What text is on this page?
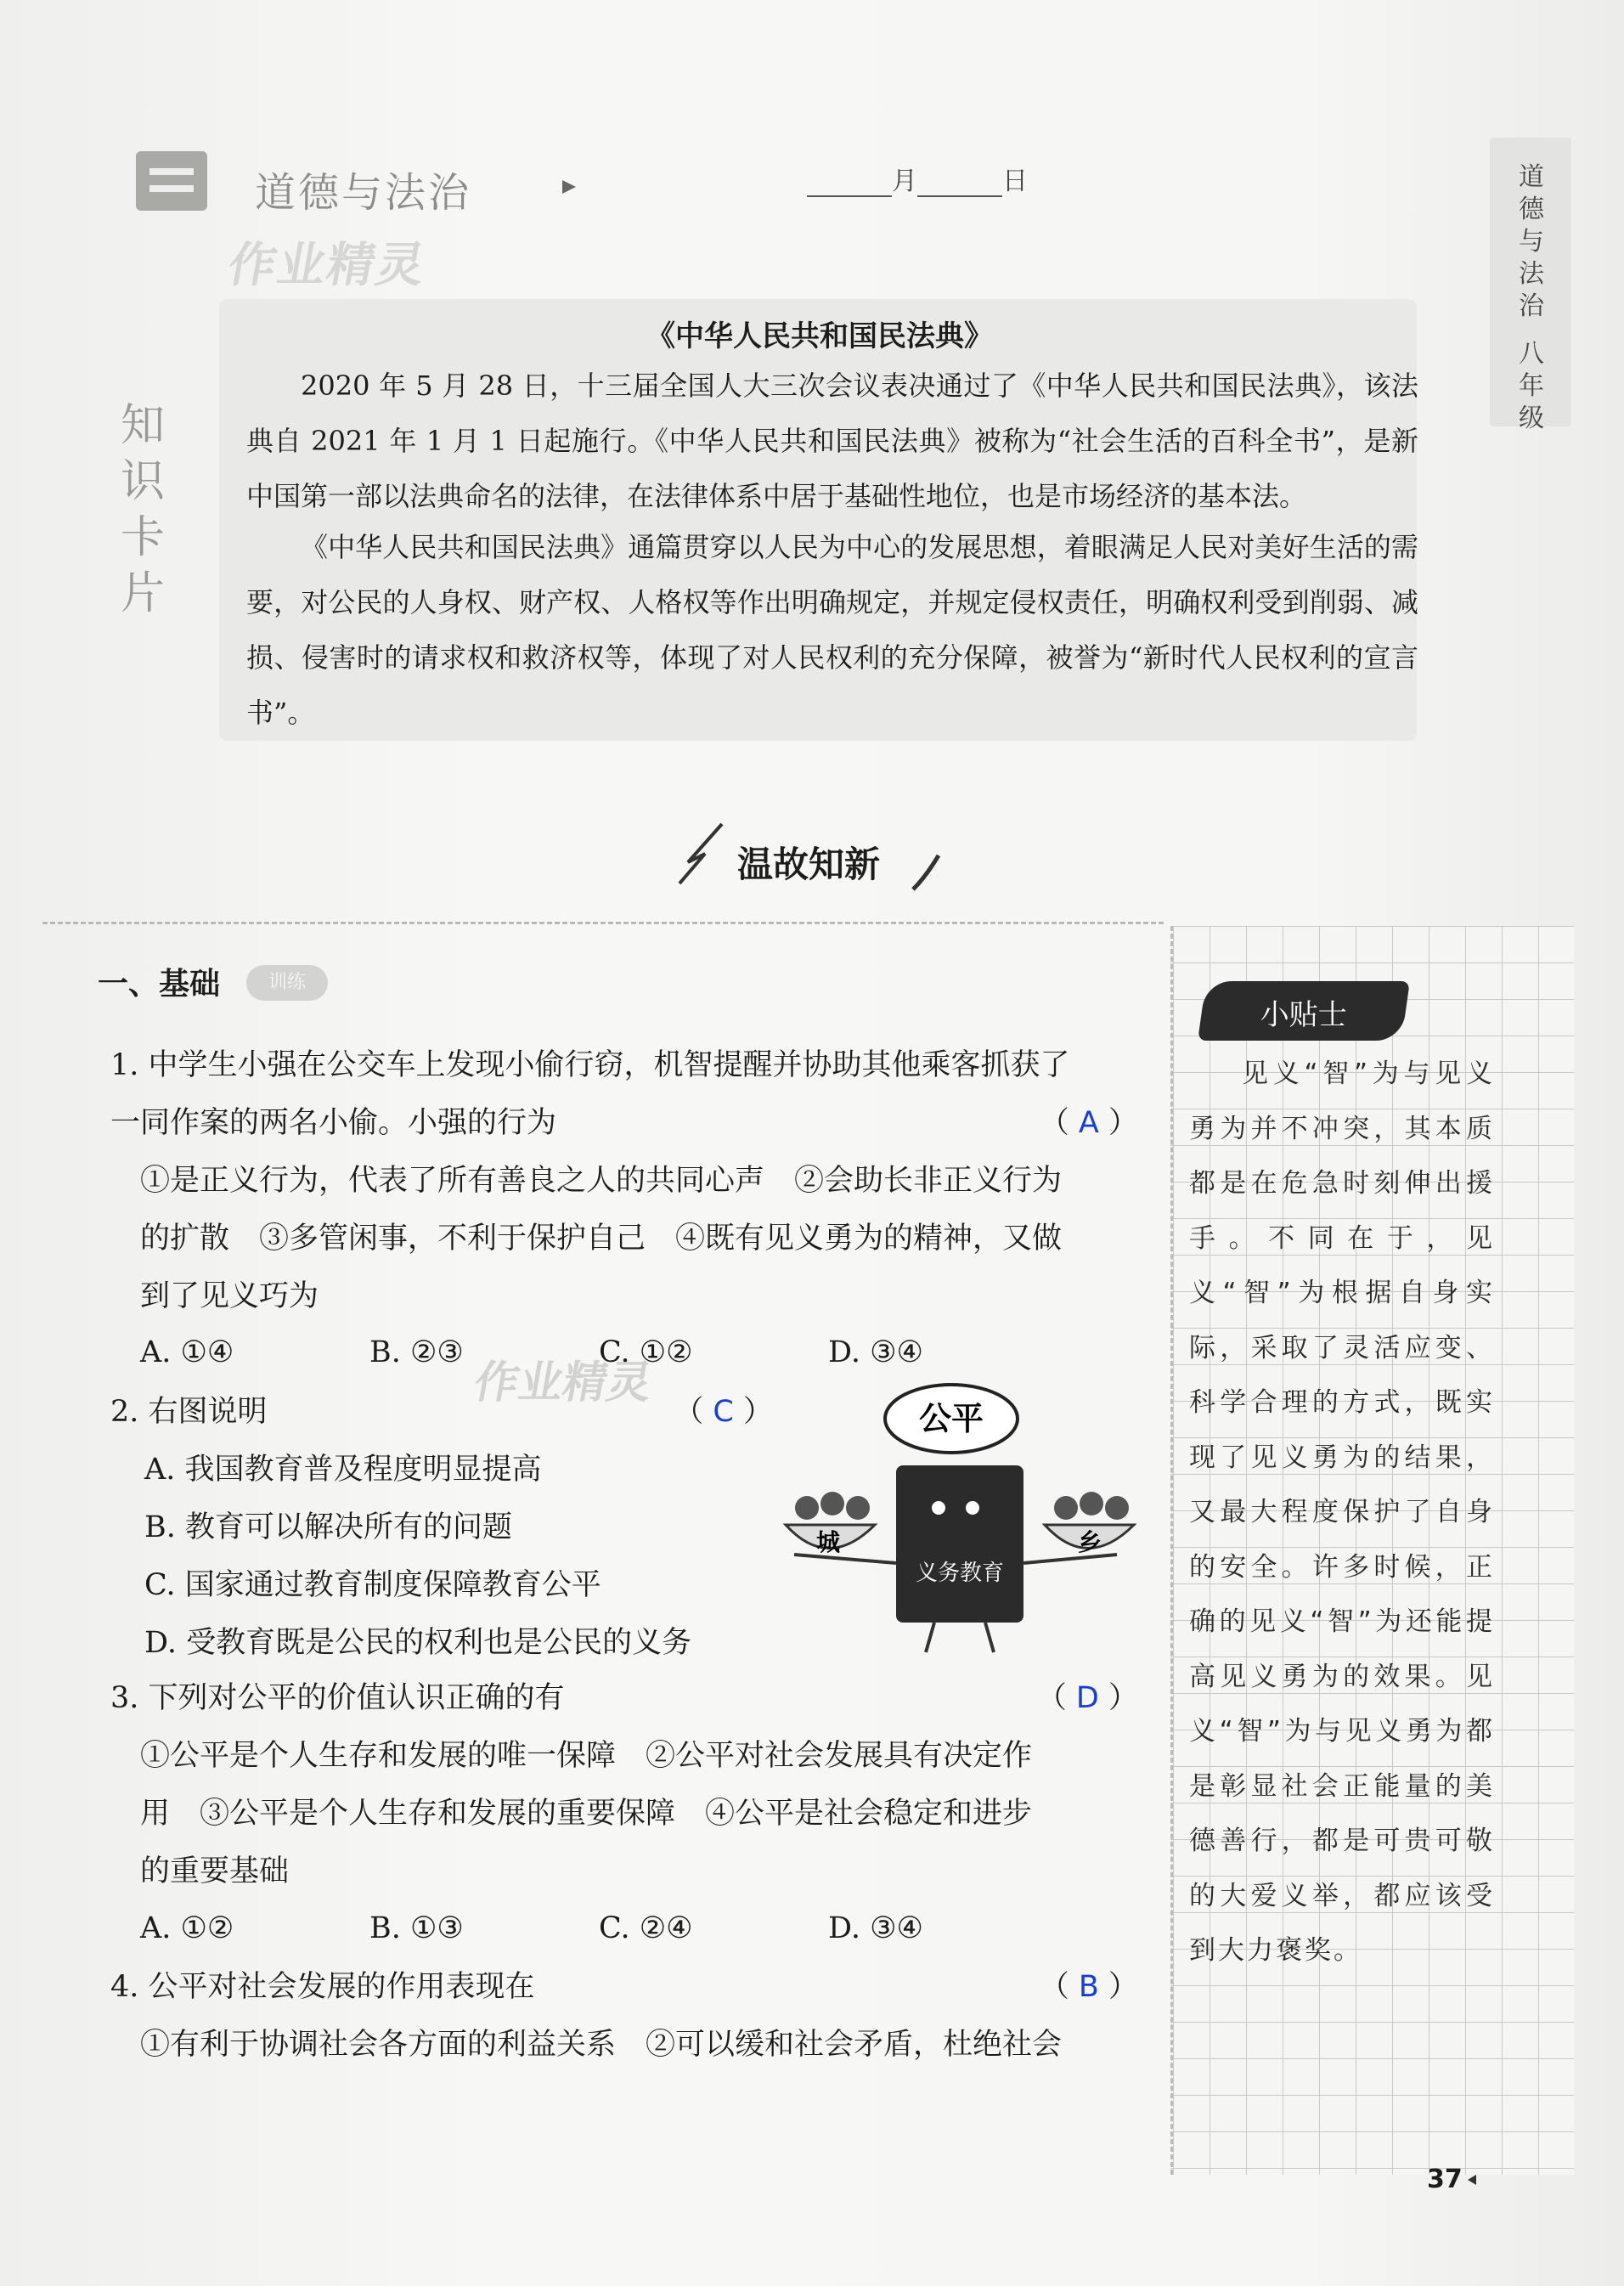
道德与法治	月	日
作业精灵
道德与法治
八年级
知识卡片
《中华人民共和国民法典》
2020 年 5 月 28 日，十三届全国人大三次会议表决通过了《中华人民共和国民法典》，该法典自 2021 年 1 月 1 日起施行。《中华人民共和国民法典》被称为“社会生活的百科全书”，是新中国第一部以法典命名的法律，在法律体系中居于基础性地位，也是市场经济的基本法。
《中华人民共和国民法典》通篇贯穿以人民为中心的发展思想，着眼满足人民对美好生活的需要，对公民的人身权、财产权、人格权等作出明确规定，并规定侵权责任，明确权利受到削弱、减损、侵害时的请求权和救济权等，体现了对人民权利的充分保障，被誉为“新时代人民权利的宣言书”。
温故知新
小贴士
见义“智”为与见义勇为并不冲突，其本质都是在危急时刻伸出援手。不同在于，见义“智”为根据自身实际，采取了灵活应变、科学合理的方式，既实现了见义勇为的结果，又最大程度保护了自身的安全。许多时候，正确的见义“智”为还能提高见义勇为的效果。见义“智”为与见义勇为都是彰显社会正能量的美德善行，都是可贵可敬的大爱义举，都应该受到大力褒奖。
一、基础	训练
1. 中学生小强在公交车上发现小偷行窃，机智提醒并协助其他乘客抓获了
一同作案的两名小偷。小强的行为	（ A ）
①是正义行为，代表了所有善良之人的共同心声　②会助长非正义行为
的扩散　③多管闲事，不利于保护自己　④既有见义勇为的精神，又做
到了见义巧为
A. ①④	B. ②③	C. ①②	D. ③④
作业精灵
2. 右图说明	（ C ）
A. 我国教育普及程度明显提高
B. 教育可以解决所有的问题
C. 国家通过教育制度保障教育公平
D. 受教育既是公民的权利也是公民的义务
公平
义务教育
城	乡
3. 下列对公平的价值认识正确的有	（ D ）
①公平是个人生存和发展的唯一保障　②公平对社会发展具有决定作
用　③公平是个人生存和发展的重要保障　④公平是社会稳定和进步
的重要基础
A. ①②	B. ①③	C. ②④	D. ③④
4. 公平对社会发展的作用表现在	（ B ）
①有利于协调社会各方面的利益关系　②可以缓和社会矛盾，杜绝社会
37
